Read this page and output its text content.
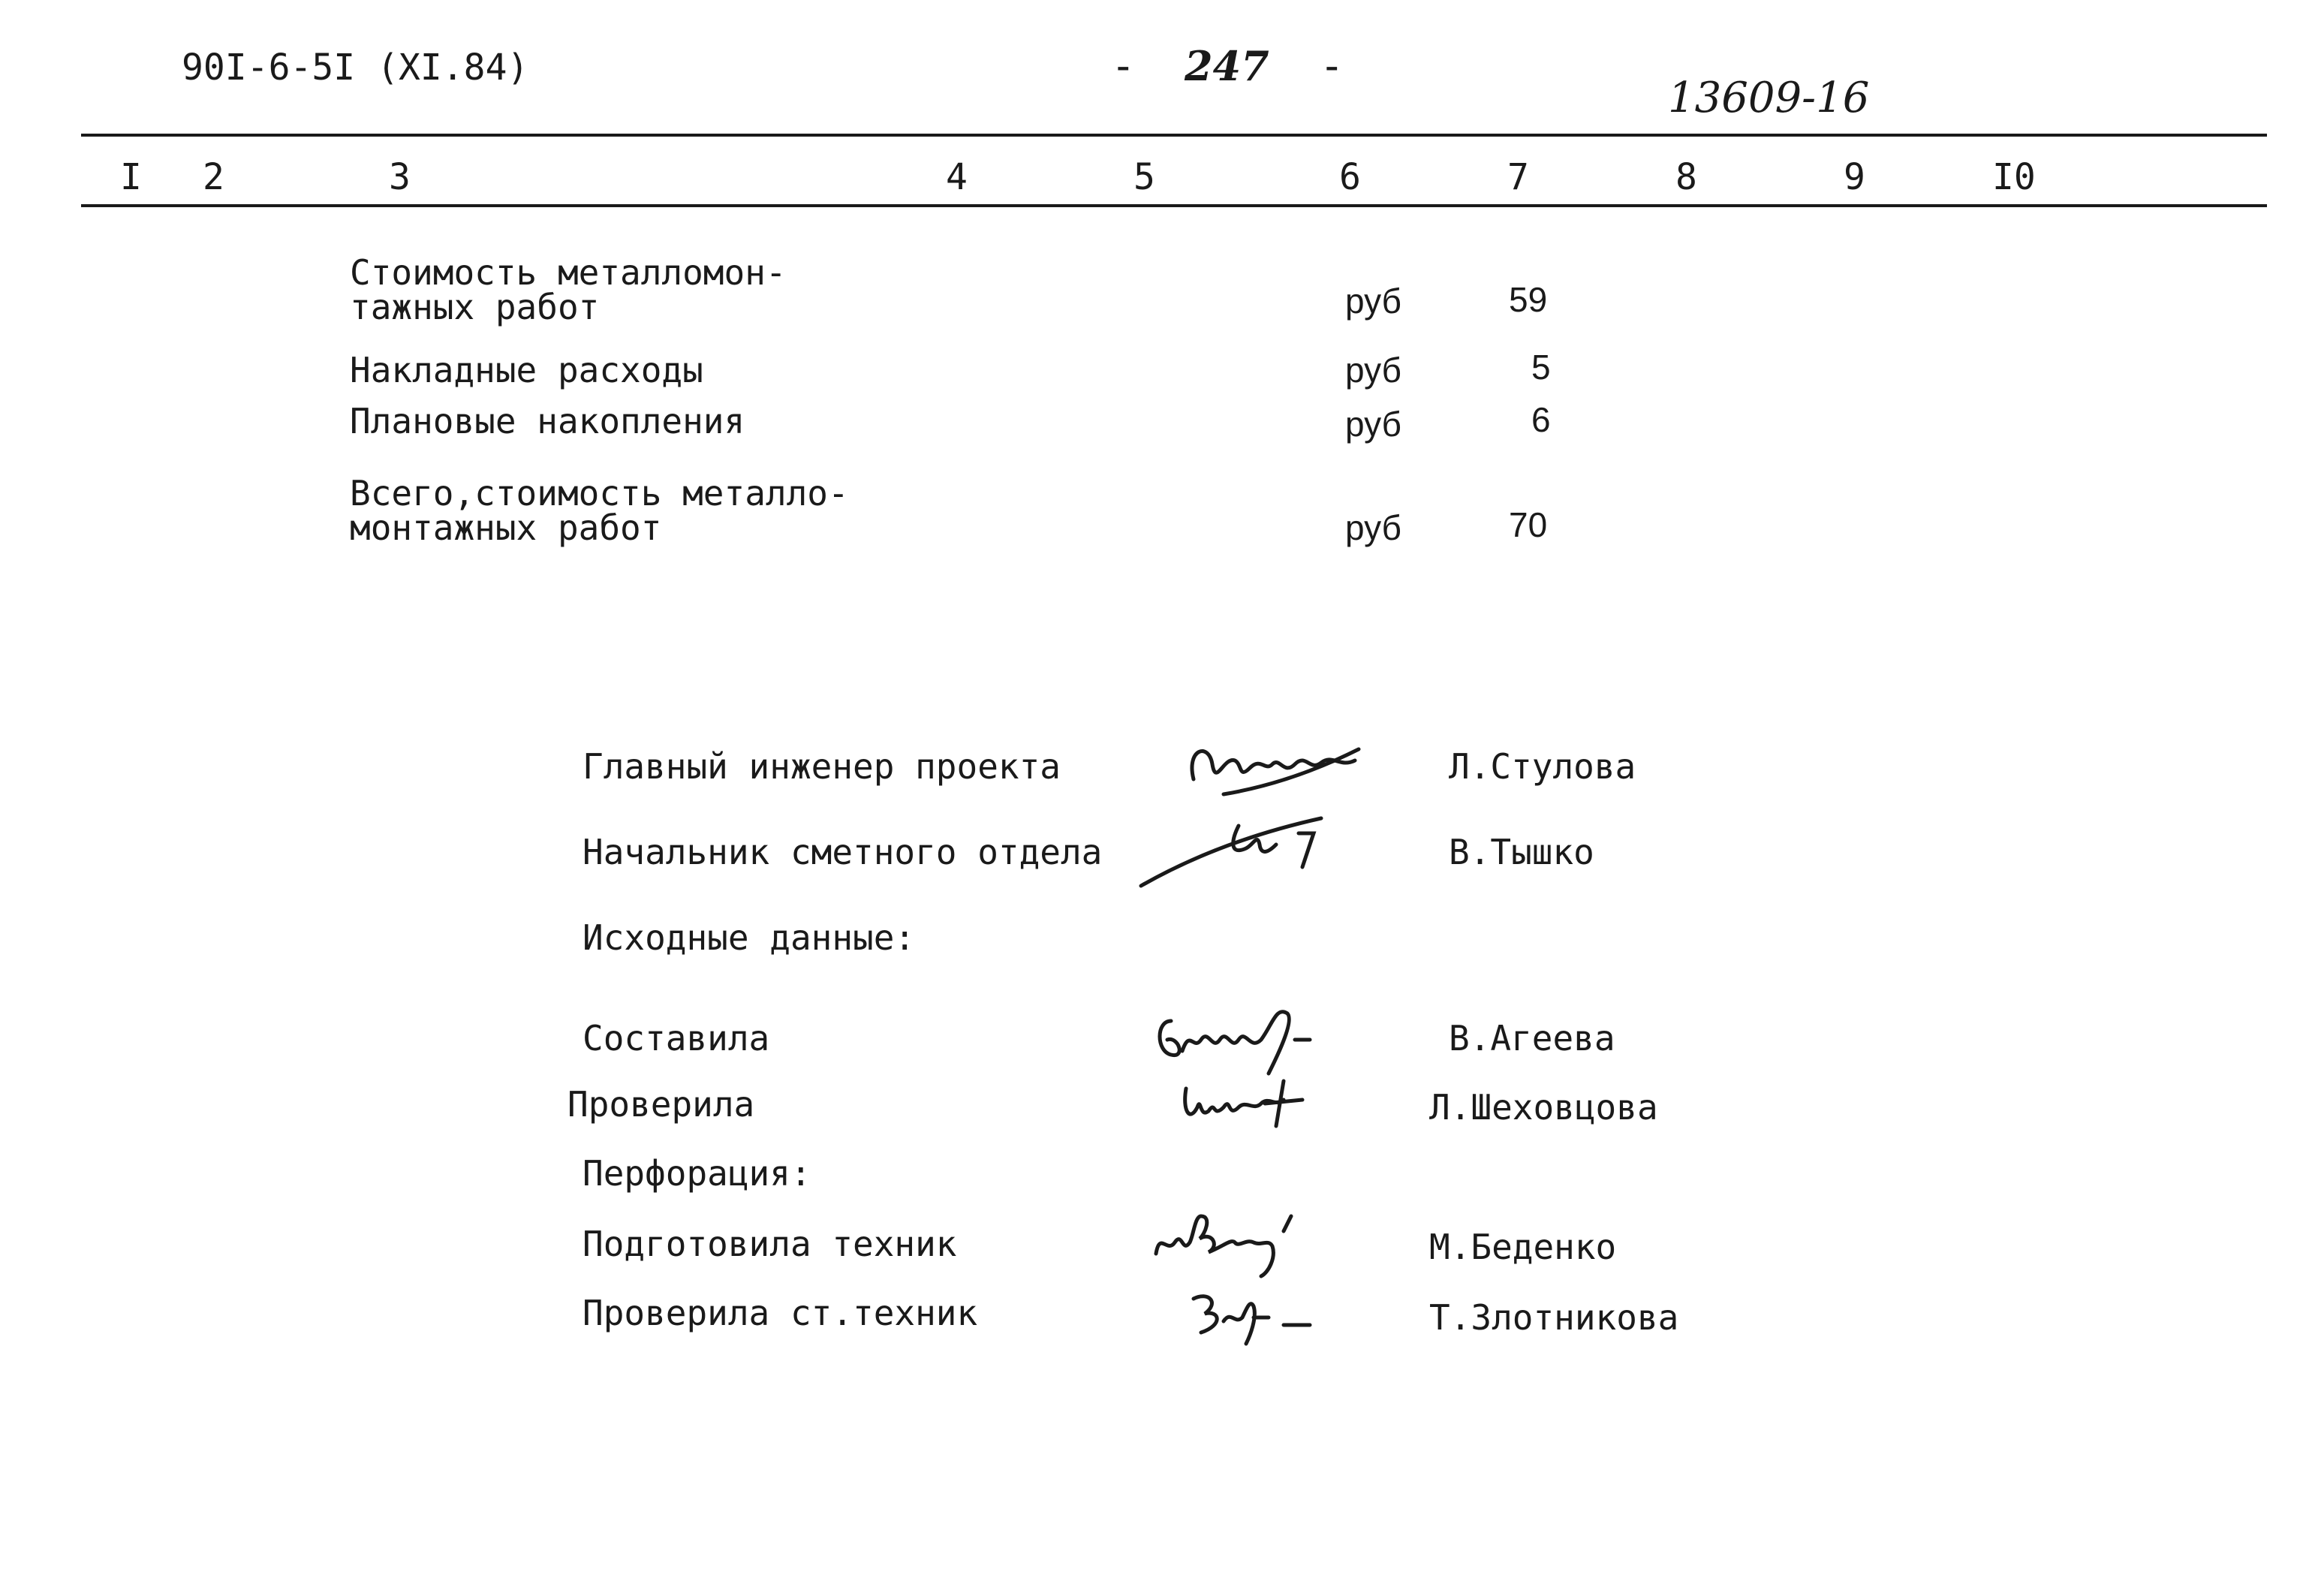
90I-6-5I (XI.84)	- 247 -
13609-16
I 2	3	4	5	6	7	8	9	I0
Стоимость металломон-
тажных работ	руб	59
Накладные расходы	руб	5
Плановые накопления	руб	6
Всего,стоимость металло-
монтажных работ	руб	70
Главный инженер проекта	Л.Стулова
Начальник сметного отдела	В.Тышко
Исходные данные:
Составила	В.Агеева
Проверила	Л.Шеховцова
Перфорация:
Подготовила техник	М.Беденко
Проверила ст.техник	Т.Злотникова
